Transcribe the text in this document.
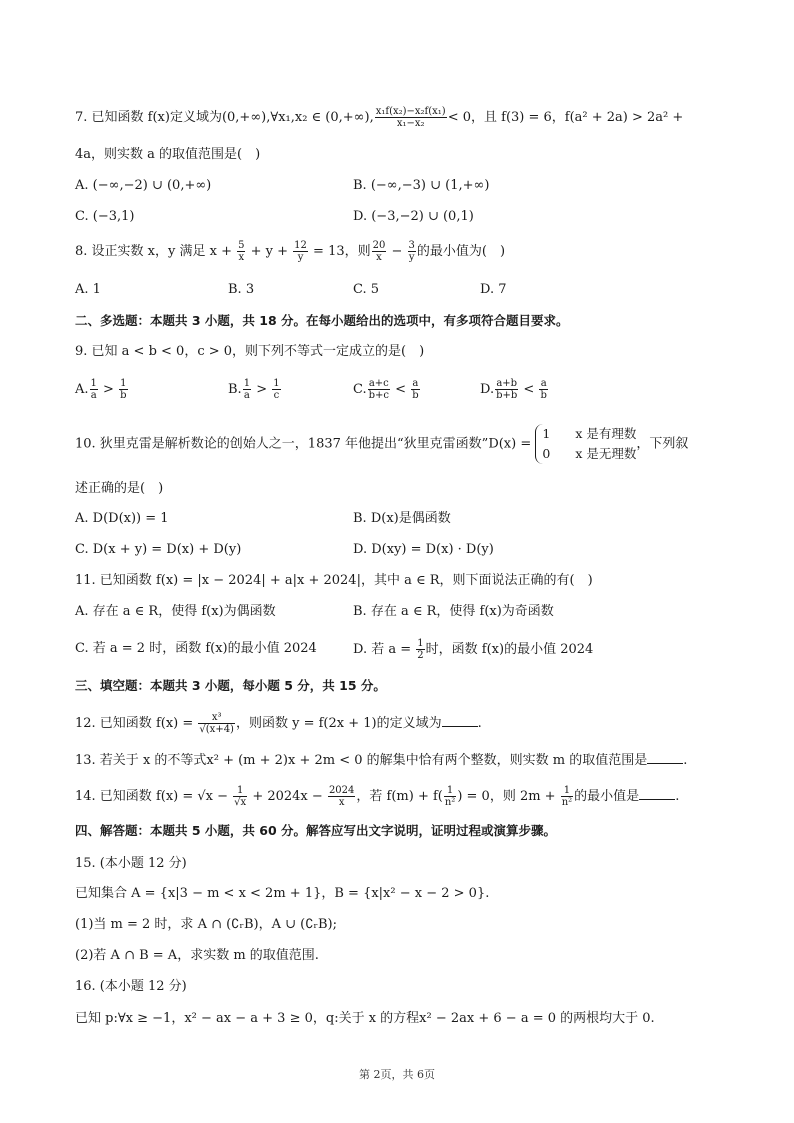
7. 已知函数 f(x)定义域为(0,+∞),∀x₁,x₂ ∈ (0,+∞), $\frac{\text{x₁f(x₂)−x₂f(x₁)}}{\text{x₁−x₂}} < 0$，且 f(3) = 6，f(a² + 2a) > 2a² +
4a，则实数 a 的取值范围是(　)
A. (−∞,−2) ∪ (0,+∞)	B. (−∞,−3) ∪ (1,+∞)
C. (−3,1)	D. (−3,−2) ∪ (0,1)
8. 设正实数 x，y 满足 $x + \frac{5}{x} + y + \frac{12}{y} = 13$，则 $\frac{20}{x} - \frac{3}{y}$ 的最小值为(　)
A. 1	B. 3	C. 5	D. 7
二、多选题：本题共 3 小题，共 18 分。在每小题给出的选项中，有多项符合题目要求。
9. 已知 a < b < 0，c > 0，则下列不等式一定成立的是(　)
A. $\frac{1}{a} > \frac{1}{b}$	B. $\frac{1}{a} > \frac{1}{c}$	C. $\frac{a+c}{b+c} < \frac{a}{b}$	D. $\frac{a+b}{b+b} < \frac{a}{b}$
10. 狄里克雷是解析数论的创始人之一，1837 年他提出“狄里克雷函数”D(x) =
1　　x 是有理数
0　　x 是无理数
，下列叙
述正确的是(　)
A. D(D(x)) = 1	B. D(x)是偶函数
C. D(x + y) = D(x) + D(y)	D. D(xy) = D(x) · D(y)
11. 已知函数 f(x) = |x − 2024| + a|x + 2024|，其中 a ∈ R，则下面说法正确的有(　)
A. 存在 a ∈ R，使得 f(x)为偶函数	B. 存在 a ∈ R，使得 f(x)为奇函数
C. 若 a = 2 时，函数 f(x)的最小值 2024	D. 若 $a = \frac{1}{2}$ 时，函数 f(x)的最小值 2024
三、填空题：本题共 3 小题，每小题 5 分，共 15 分。
12. 已知函数 $f(x) = \frac{\text{x³}}{√(x+4)}$ ，则函数 y = f(2x + 1)的定义域为	.
13. 若关于 x 的不等式x² + (m + 2)x + 2m < 0 的解集中恰有两个整数，则实数 m 的取值范围是	.
14. 已知函数 $f(x) = √x - \frac{1}{√x} + 2024x - \frac{2024}{x}$ ，若 $f(m) + f( \frac{1}{\text{n²}}$ ) = 0，则 $2m + \frac{1}{\text{n²}}$ 的最小值是	.
四、解答题：本题共 5 小题，共 60 分。解答应写出文字说明，证明过程或演算步骤。
15. (本小题 12 分)
已知集合 A = {x|3 − m < x < 2m + 1}，B = {x|x² − x − 2 > 0}.
(1)当 m = 2 时，求 A ∩ (∁ᵣB)，A ∪ (∁ᵣB);
(2)若 A ∩ B = A，求实数 m 的取值范围.
16. (本小题 12 分)
已知 p:∀x ≥ −1，x² − ax − a + 3 ≥ 0，q:关于 x 的方程x² − 2ax + 6 − a = 0 的两根均大于 0.
第 2页，共 6页
